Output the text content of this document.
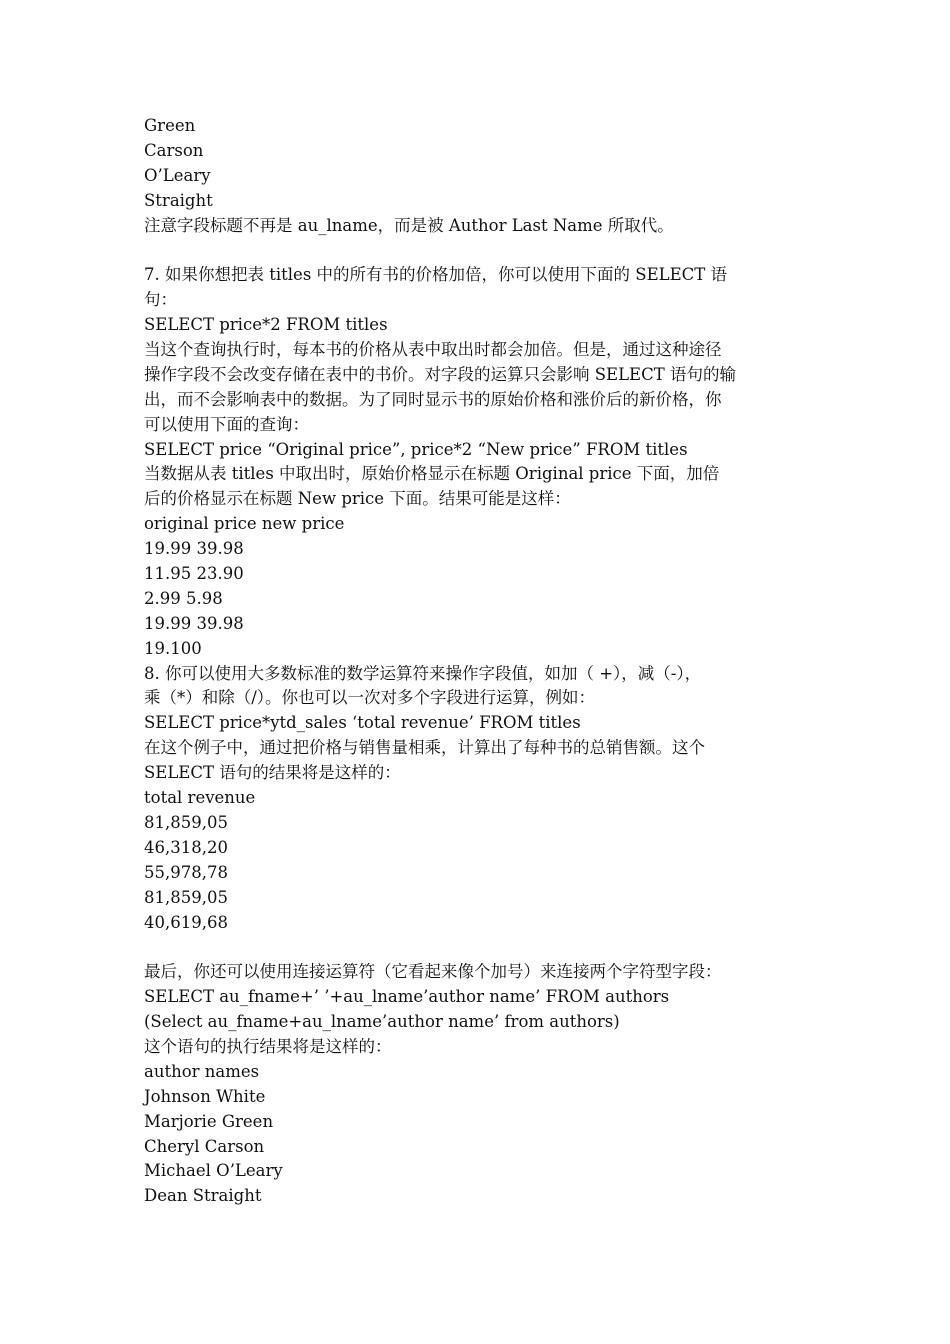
Green
Carson
O’Leary
Straight
注意字段标题不再是 au_lname，而是被 Author Last Name 所取代。
7. 如果你想把表 titles 中的所有书的价格加倍，你可以使用下面的 SELECT 语
句：
SELECT price*2 FROM titles
当这个查询执行时，每本书的价格从表中取出时都会加倍。但是，通过这种途径
操作字段不会改变存储在表中的书价。对字段的运算只会影响 SELECT 语句的输
出，而不会影响表中的数据。为了同时显示书的原始价格和涨价后的新价格，你
可以使用下面的查询：
SELECT price “Original price”, price*2 “New price” FROM titles
当数据从表 titles 中取出时，原始价格显示在标题 Original price 下面，加倍
后的价格显示在标题 New price 下面。结果可能是这样：
original price new price
19.99 39.98
11.95 23.90
2.99 5.98
19.99 39.98
19.100
8. 你可以使用大多数标准的数学运算符来操作字段值，如加（ +），减（-），
乘（*）和除（/）。你也可以一次对多个字段进行运算，例如：
SELECT price*ytd_sales ‘total revenue’ FROM titles
在这个例子中，通过把价格与销售量相乘，计算出了每种书的总销售额。这个
SELECT 语句的结果将是这样的：
total revenue
81,859,05
46,318,20
55,978,78
81,859,05
40,619,68
最后，你还可以使用连接运算符（它看起来像个加号）来连接两个字符型字段：
SELECT au_fname+’ ’+au_lname’author name’ FROM authors
(Select au_fname+au_lname’author name’ from authors)
这个语句的执行结果将是这样的：
author names
Johnson White
Marjorie Green
Cheryl Carson
Michael O’Leary
Dean Straight
